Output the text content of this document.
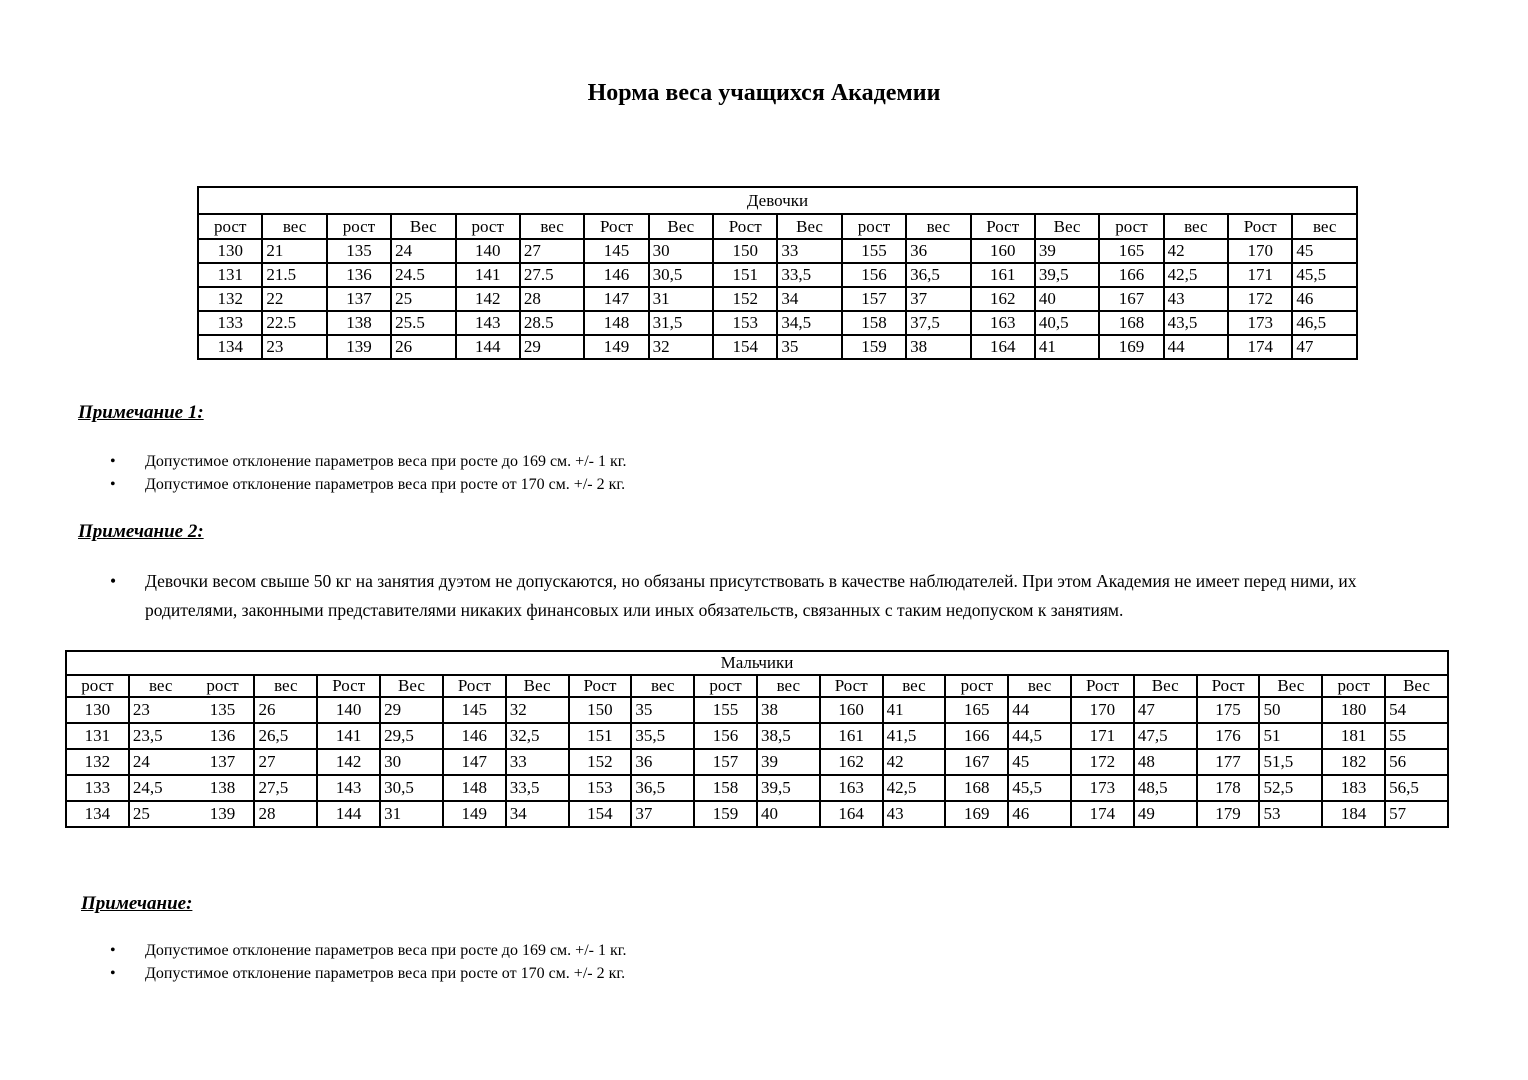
Норма веса учащихся Академии
Девочки																	
рост	вес	рост	Вес	рост	вес	Рост	Вес	Рост	Вес	рост	вес	Рост	Вес	рост	вес	Рост	вес
130	21	135	24	140	27	145	30	150	33	155	36	160	39	165	42	170	45
131	21.5	136	24.5	141	27.5	146	30,5	151	33,5	156	36,5	161	39,5	166	42,5	171	45,5
132	22	137	25	142	28	147	31	152	34	157	37	162	40	167	43	172	46
133	22.5	138	25.5	143	28.5	148	31,5	153	34,5	158	37,5	163	40,5	168	43,5	173	46,5
134	23	139	26	144	29	149	32	154	35	159	38	164	41	169	44	174	47
Примечание 1:
•
Допустимое отклонение параметров веса при росте до 169 см. +/- 1 кг.
•
Допустимое отклонение параметров веса при росте от 170 см. +/- 2 кг.
Примечание 2:
•
Девочки весом свыше 50 кг на занятия дуэтом не допускаются, но обязаны присутствовать в качестве наблюдателей. При этом Академия не имеет перед ними, их родителями, законными представителями никаких финансовых или иных обязательств, связанных с таким недопуском к занятиям.
Мальчики																					
рост	вес	рост	вес	Рост	Вес	Рост	Вес	Рост	вес	рост	вес	Рост	вес	рост	вес	Рост	Вес	Рост	Вес	рост	Вес
130	23	135	26	140	29	145	32	150	35	155	38	160	41	165	44	170	47	175	50	180	54
131	23,5	136	26,5	141	29,5	146	32,5	151	35,5	156	38,5	161	41,5	166	44,5	171	47,5	176	51	181	55
132	24	137	27	142	30	147	33	152	36	157	39	162	42	167	45	172	48	177	51,5	182	56
133	24,5	138	27,5	143	30,5	148	33,5	153	36,5	158	39,5	163	42,5	168	45,5	173	48,5	178	52,5	183	56,5
134	25	139	28	144	31	149	34	154	37	159	40	164	43	169	46	174	49	179	53	184	57
Примечание:
•
Допустимое отклонение параметров веса при росте до 169 см. +/- 1 кг.
•
Допустимое отклонение параметров веса при росте от 170 см. +/- 2 кг.
